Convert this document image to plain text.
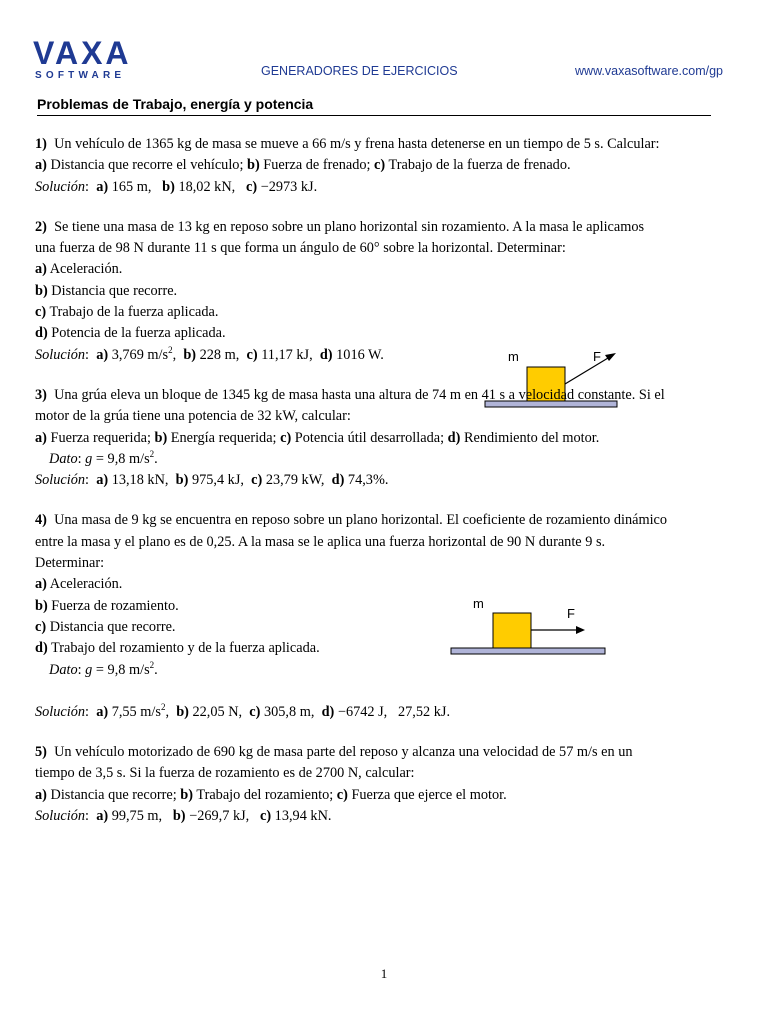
VAXA
SOFTWARE	GENERADORES DE EJERCICIOS	www.vaxasoftware.com/gp
Problemas de Trabajo, energía y potencia
1) Un vehículo de 1365 kg de masa se mueve a 66 m/s y frena hasta detenerse en un tiempo de 5 s. Calcular:
a) Distancia que recorre el vehículo; b) Fuerza de frenado; c) Trabajo de la fuerza de frenado.
Solución: a) 165 m, b) 18,02 kN, c) −2973 kJ.
2) Se tiene una masa de 13 kg en reposo sobre un plano horizontal sin rozamiento. A la masa le aplicamos
una fuerza de 98 N durante 11 s que forma un ángulo de 60° sobre la horizontal. Determinar:
a) Aceleración.
b) Distancia que recorre.
c) Trabajo de la fuerza aplicada.
d) Potencia de la fuerza aplicada.
Solución: a) 3,769 $m/s^2$, b) 228 m, c) 11,17 kJ, d) 1016 W.	m	F
3) Una grúa eleva un bloque de 1345 kg de masa hasta una altura de 74 m en 41 s a velocidad constante. Si el
motor de la grúa tiene una potencia de 32 kW, calcular:
a) Fuerza requerida; b) Energía requerida; c) Potencia útil desarrollada; d) Rendimiento del motor.
Dato: g = 9,8 $m/s^2$.
Solución: a) 13,18 kN, b) 975,4 kJ, c) 23,79 kW, d) 74,3%.
4) Una masa de 9 kg se encuentra en reposo sobre un plano horizontal. El coeficiente de rozamiento dinámico
entre la masa y el plano es de 0,25. A la masa se le aplica una fuerza horizontal de 90 N durante 9 s.
Determinar:
a) Aceleración.
b) Fuerza de rozamiento.
c) Distancia que recorre.
d) Trabajo del rozamiento y de la fuerza aplicada.
Dato: g = 9,8 $m/s^2$.
Solución: a) 7,55 $m/s^2$, b) 22,05 N, c) 305,8 m, d) −6742 J, 27,52 kJ.
m
F
5) Un vehículo motorizado de 690 kg de masa parte del reposo y alcanza una velocidad de 57 m/s en un
tiempo de 3,5 s. Si la fuerza de rozamiento es de 2700 N, calcular:
a) Distancia que recorre; b) Trabajo del rozamiento; c) Fuerza que ejerce el motor.
Solución: a) 99,75 m, b) −269,7 kJ, c) 13,94 kN.
1
